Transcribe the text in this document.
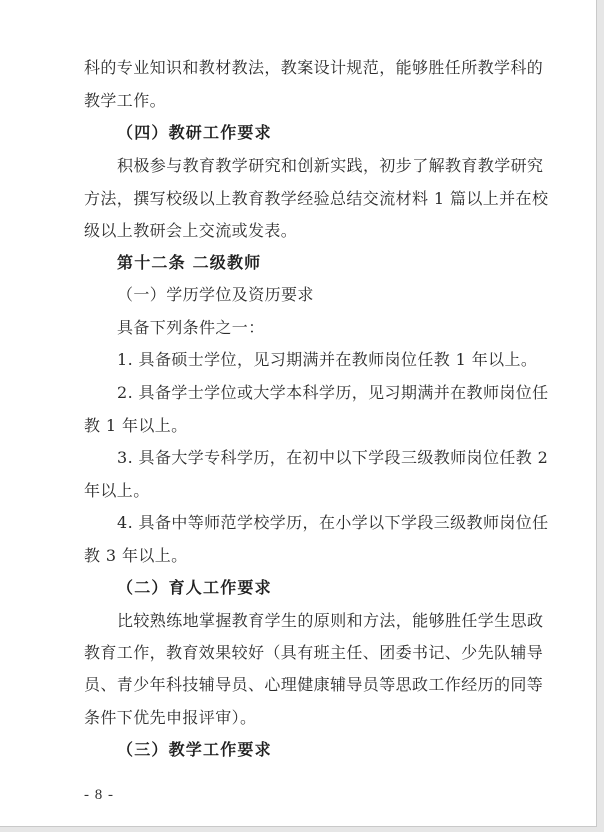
科的专业知识和教材教法，教案设计规范，能够胜任所教学科的

教学工作。

（四）教研工作要求

积极参与教育教学研究和创新实践，初步了解教育教学研究

方法，撰写校级以上教育教学经验总结交流材料 1 篇以上并在校

级以上教研会上交流或发表。

第十二条 二级教师

（一）学历学位及资历要求

具备下列条件之一：

1. 具备硕士学位，见习期满并在教师岗位任教 1 年以上。

2. 具备学士学位或大学本科学历，见习期满并在教师岗位任

教 1 年以上。

3. 具备大学专科学历，在初中以下学段三级教师岗位任教 2

年以上。

4. 具备中等师范学校学历，在小学以下学段三级教师岗位任

教 3 年以上。

（二）育人工作要求

比较熟练地掌握教育学生的原则和方法，能够胜任学生思政

教育工作，教育效果较好（具有班主任、团委书记、少先队辅导

员、青少年科技辅导员、心理健康辅导员等思政工作经历的同等

条件下优先申报评审）。

（三）教学工作要求

- 8 -
